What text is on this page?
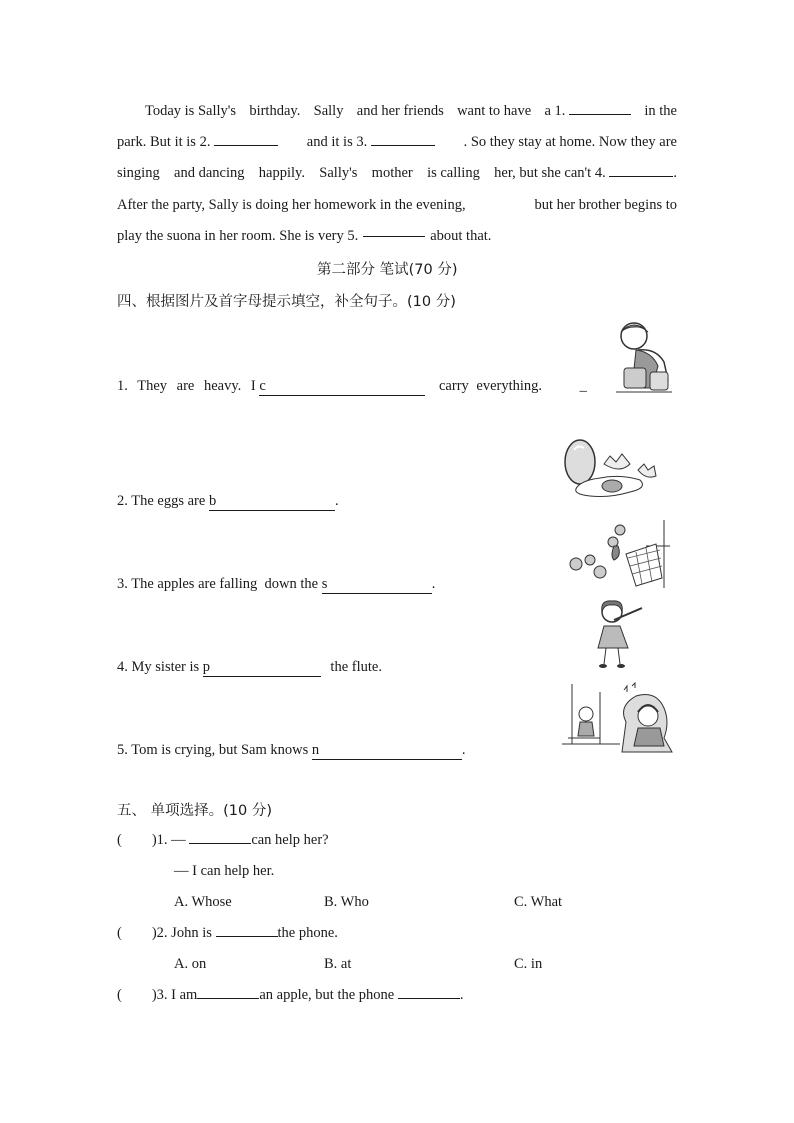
Today is Sally's birthday. Sally and her friends want to have a 1.	in the
park. But it is 2.	and it is 3.	. So they stay at home. Now they are
singing and dancing happily. Sally's mother is calling her, but she can't 4.	.
After the party, Sally is doing her homework in the evening,	but her brother begins to
play the suona in her room. She is very 5.	about that.
第二部分 笔试(70 分)
四、根据图片及首字母提示填空，补全句子。(10 分)
1. They are heavy. I c	carry everything.	_
2. The eggs are b	.
3. The apples are falling  down the s	.
4. My sister is p	the flute.
5. Tom is crying, but Sam knows n	.
五、 单项选择。(10 分)
( )1. —	can help her?
— I can help her.
A. Whose	B. Who	C. What
( )2. John is	the phone.
A. on	B. at	C. in
( )3. I am	an apple, but the phone	.
